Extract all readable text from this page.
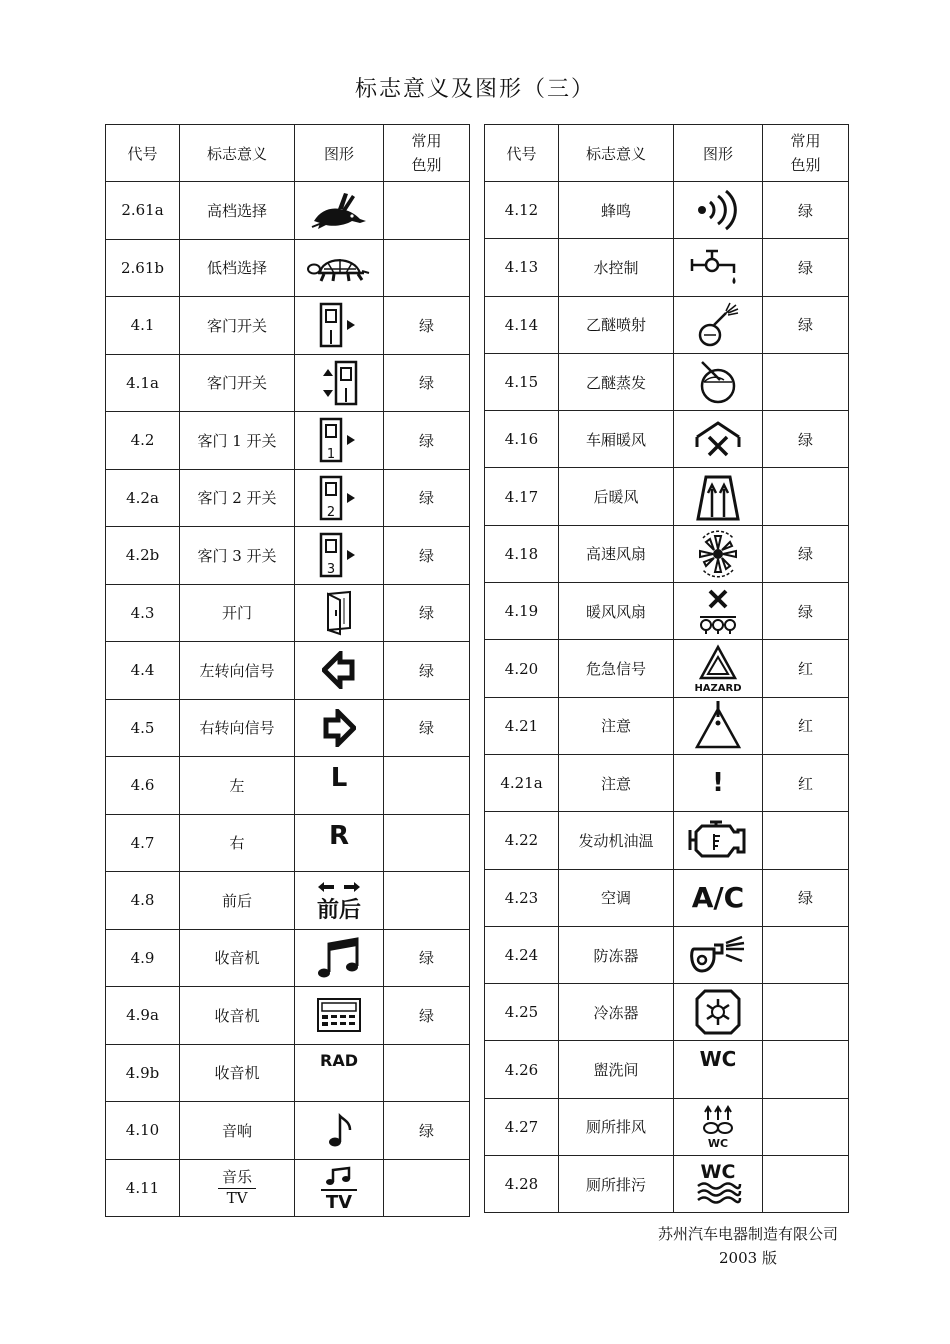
标志意义及图形（三）
代号	标志意义	图形	常用
色别
2.61a	高档选择	

2.61b	低档选择	

4.1	客门开关		绿
4.1a	客门开关		绿
4.2	客门 1 开关	1	绿
4.2a	客门 2 开关	2	绿
4.2b	客门 3 开关	3	绿
4.3	开门		绿
4.4	左转向信号		绿
4.5	右转向信号		绿
4.6	左	L	
4.7	右	R	
4.8	前后	前后	

4.9	收音机		绿
4.9a	收音机		绿
4.9b	收音机	RAD	
4.10	音响		绿
4.11	$\frac{\text{音乐}}{TV}$	TV	

代号	标志意义	图形	常用
色别
4.12	蜂鸣		绿
4.13	水控制		绿
4.14	乙醚喷射		绿
4.15	乙醚蒸发	

4.16	车厢暖风		绿
4.17	后暖风	

4.18	高速风扇		绿
4.19	暖风风扇		绿
4.20	危急信号	HAZARD	红
4.21	注意		红
4.21a	注意	!	红
4.22	发动机油温	

4.23	空调	A/C	绿
4.24	防冻器	

4.25	冷冻器	

4.26	盥洗间	WC	
4.27	厕所排风	WC	

4.28	厕所排污	WC	

苏州汽车电器制造有限公司
2003 版
